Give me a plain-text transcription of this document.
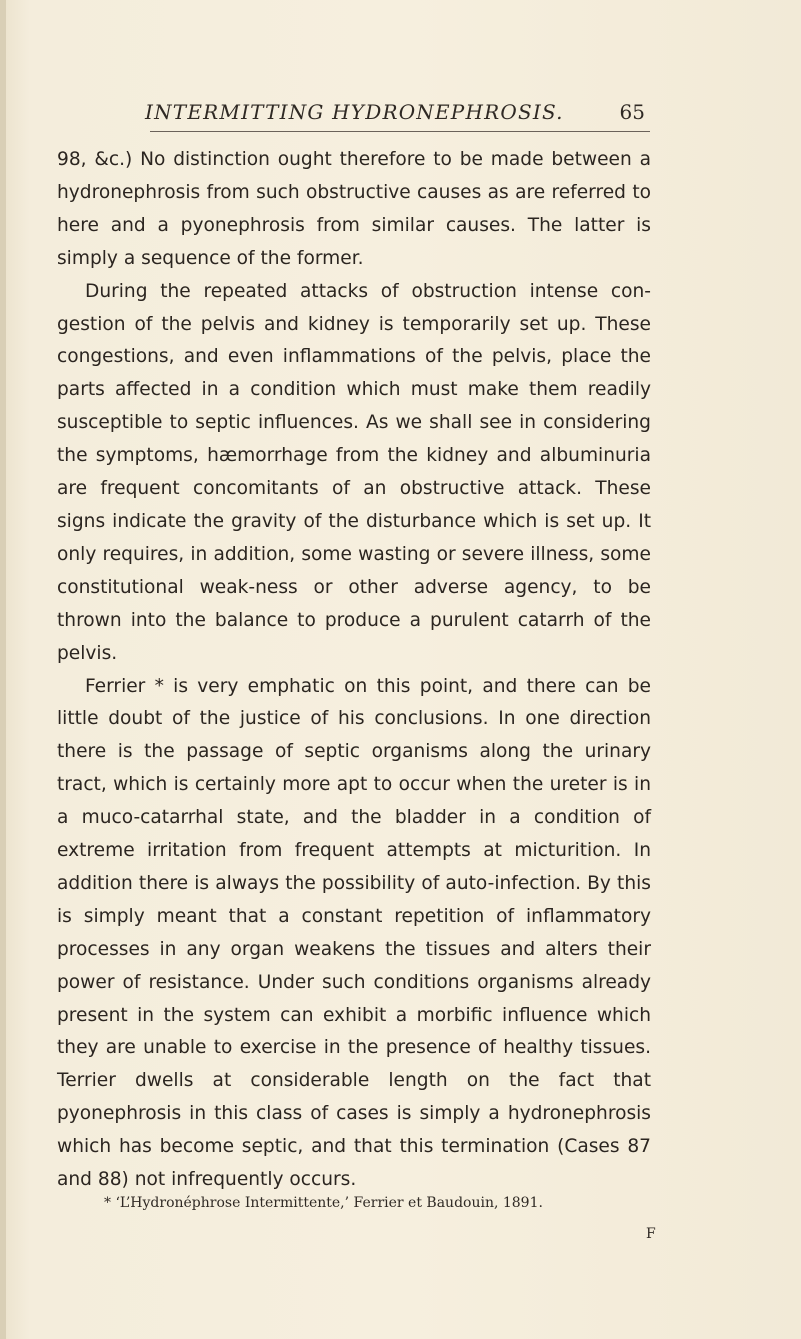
INTERMITTING HYDRONEPHROSIS.	65

98, &c.) No distinction ought therefore to be made between a hydronephrosis from such obstructive causes as are referred to here and a pyonephrosis from similar causes. The latter is simply a sequence of the former.

During the repeated attacks of obstruction intense con-gestion of the pelvis and kidney is temporarily set up. These congestions, and even inflammations of the pelvis, place the parts affected in a condition which must make them readily susceptible to septic influences. As we shall see in considering the symptoms, hæmorrhage from the kidney and albuminuria are frequent concomitants of an obstructive attack. These signs indicate the gravity of the disturbance which is set up. It only requires, in addition, some wasting or severe illness, some constitutional weak-ness or other adverse agency, to be thrown into the balance to produce a purulent catarrh of the pelvis.

Ferrier * is very emphatic on this point, and there can be little doubt of the justice of his conclusions. In one direction there is the passage of septic organisms along the urinary tract, which is certainly more apt to occur when the ureter is in a muco-catarrhal state, and the bladder in a condition of extreme irritation from frequent attempts at micturition. In addition there is always the possibility of auto-infection. By this is simply meant that a constant repetition of inflammatory processes in any organ weakens the tissues and alters their power of resistance. Under such conditions organisms already present in the system can exhibit a morbific influence which they are unable to exercise in the presence of healthy tissues. Terrier dwells at considerable length on the fact that pyonephrosis in this class of cases is simply a hydronephrosis which has become septic, and that this termination (Cases 87 and 88) not infrequently occurs.

* ‘L’Hydronéphrose Intermittente,’ Ferrier et Baudouin, 1891.
F
